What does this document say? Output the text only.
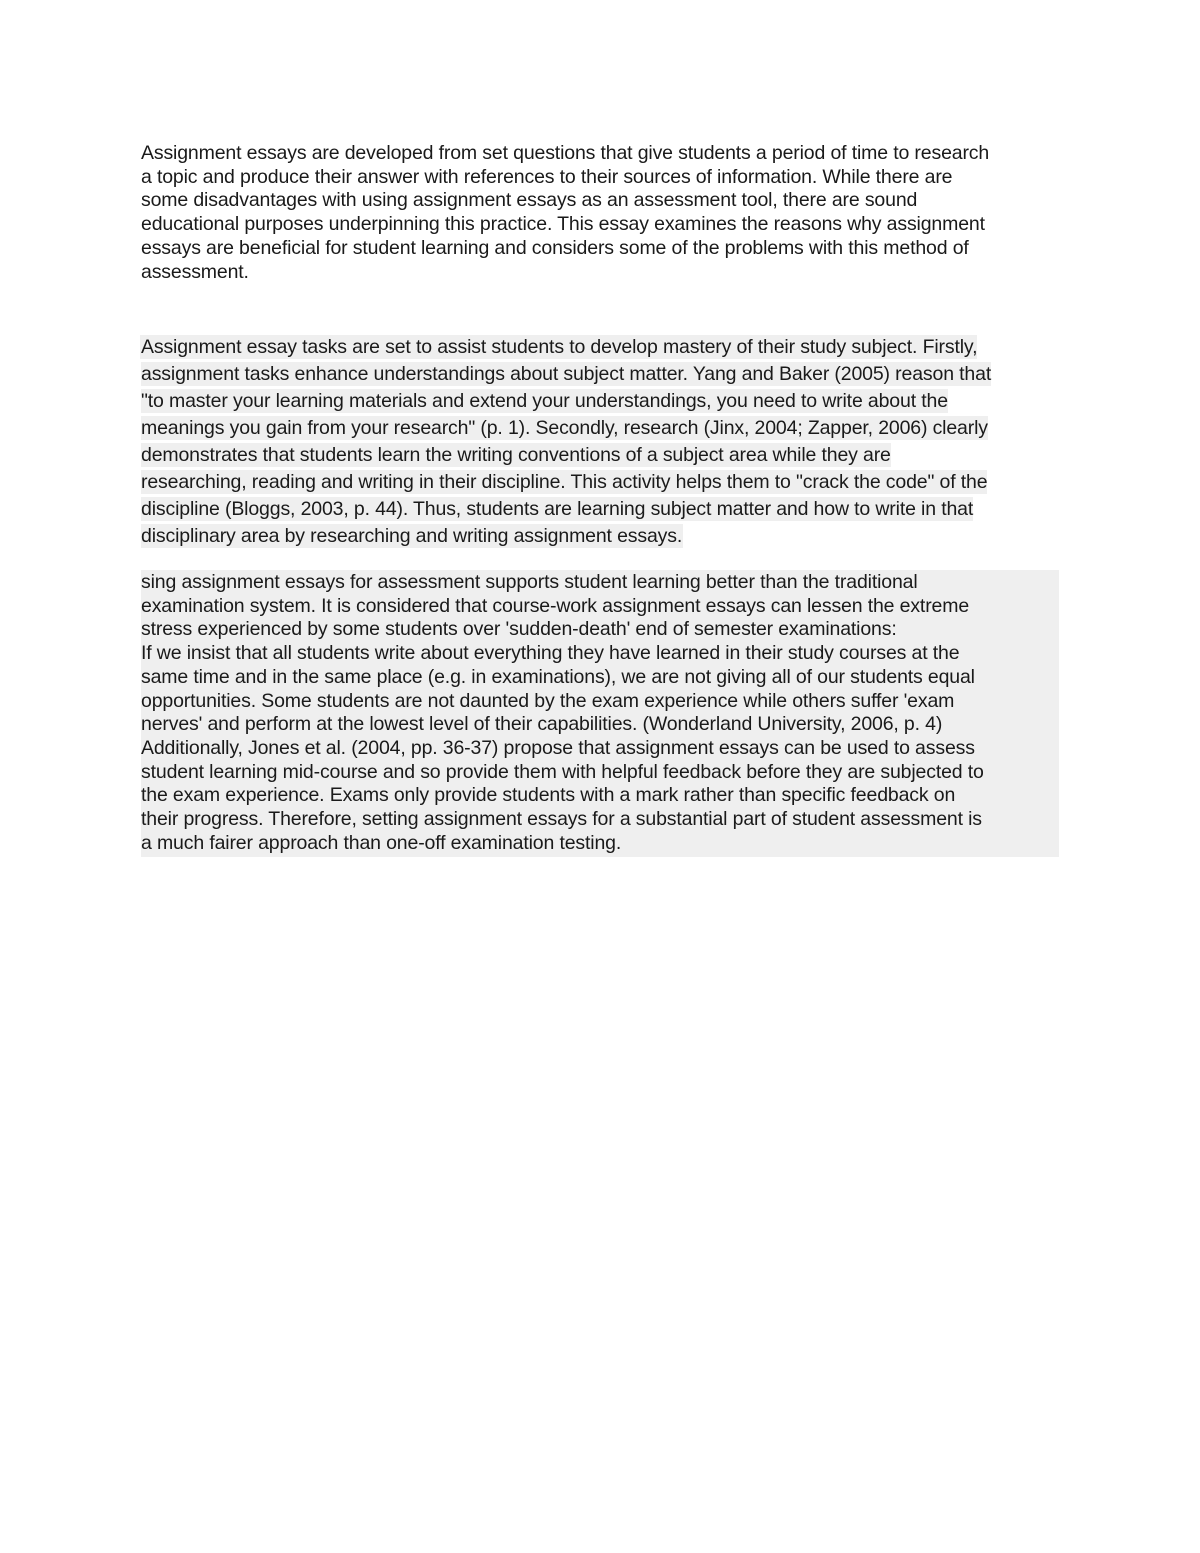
Assignment essays are developed from set questions that give students a period of time to research
a topic and produce their answer with references to their sources of information. While there are
some disadvantages with using assignment essays as an assessment tool, there are sound
educational purposes underpinning this practice. This essay examines the reasons why assignment
essays are beneficial for student learning and considers some of the problems with this method of
assessment.

Assignment essay tasks are set to assist students to develop mastery of their study subject. Firstly,
assignment tasks enhance understandings about subject matter. Yang and Baker (2005) reason that
"to master your learning materials and extend your understandings, you need to write about the
meanings you gain from your research" (p. 1). Secondly, research (Jinx, 2004; Zapper, 2006) clearly
demonstrates that students learn the writing conventions of a subject area while they are
researching, reading and writing in their discipline. This activity helps them to "crack the code" of the
discipline (Bloggs, 2003, p. 44). Thus, students are learning subject matter and how to write in that
disciplinary area by researching and writing assignment essays.

sing assignment essays for assessment supports student learning better than the traditional
examination system. It is considered that course-work assignment essays can lessen the extreme
stress experienced by some students over 'sudden-death' end of semester examinations:
If we insist that all students write about everything they have learned in their study courses at the
same time and in the same place (e.g. in examinations), we are not giving all of our students equal
opportunities. Some students are not daunted by the exam experience while others suffer 'exam
nerves' and perform at the lowest level of their capabilities. (Wonderland University, 2006, p. 4)
Additionally, Jones et al. (2004, pp. 36-37) propose that assignment essays can be used to assess
student learning mid-course and so provide them with helpful feedback before they are subjected to
the exam experience. Exams only provide students with a mark rather than specific feedback on
their progress. Therefore, setting assignment essays for a substantial part of student assessment is
a much fairer approach than one-off examination testing.
